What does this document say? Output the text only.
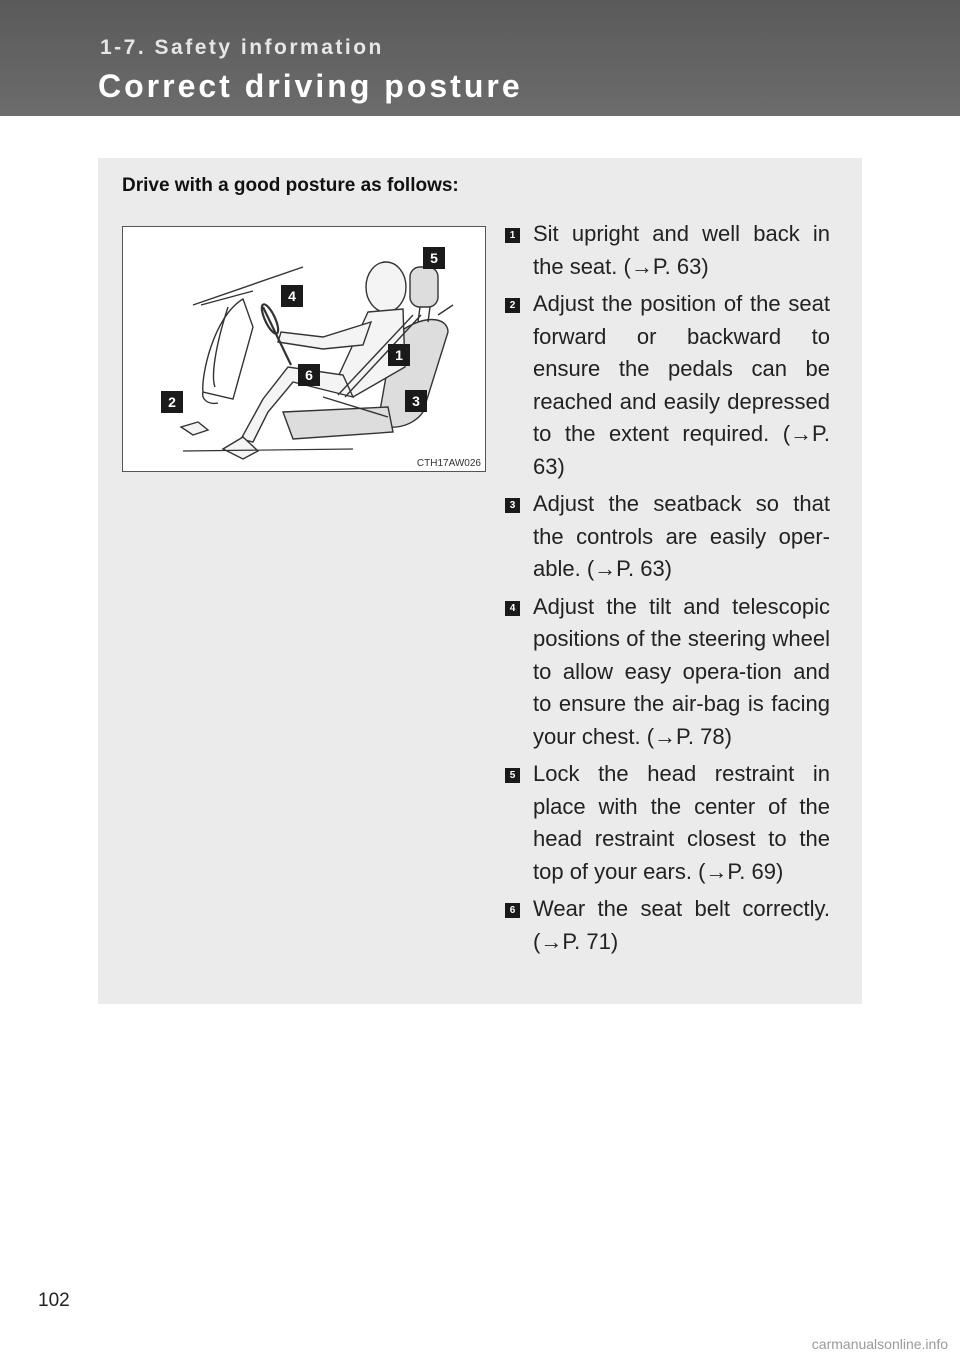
1-7. Safety information
Correct driving posture
Drive with a good posture as follows:
5
4
1
6
3
2
CTH17AW026
1 Sit upright and well back in the seat. (→P. 63)
2 Adjust the position of the seat forward or backward to ensure the pedals can be reached and easily depressed to the extent required. (→P. 63)
3 Adjust the seatback so that the controls are easily oper-able. (→P. 63)
4 Adjust the tilt and telescopic positions of the steering wheel to allow easy opera-tion and to ensure the air-bag is facing your chest. (→P. 78)
5 Lock the head restraint in place with the center of the head restraint closest to the top of your ears. (→P. 69)
6 Wear the seat belt correctly. (→P. 71)
102
carmanualsonline.info
